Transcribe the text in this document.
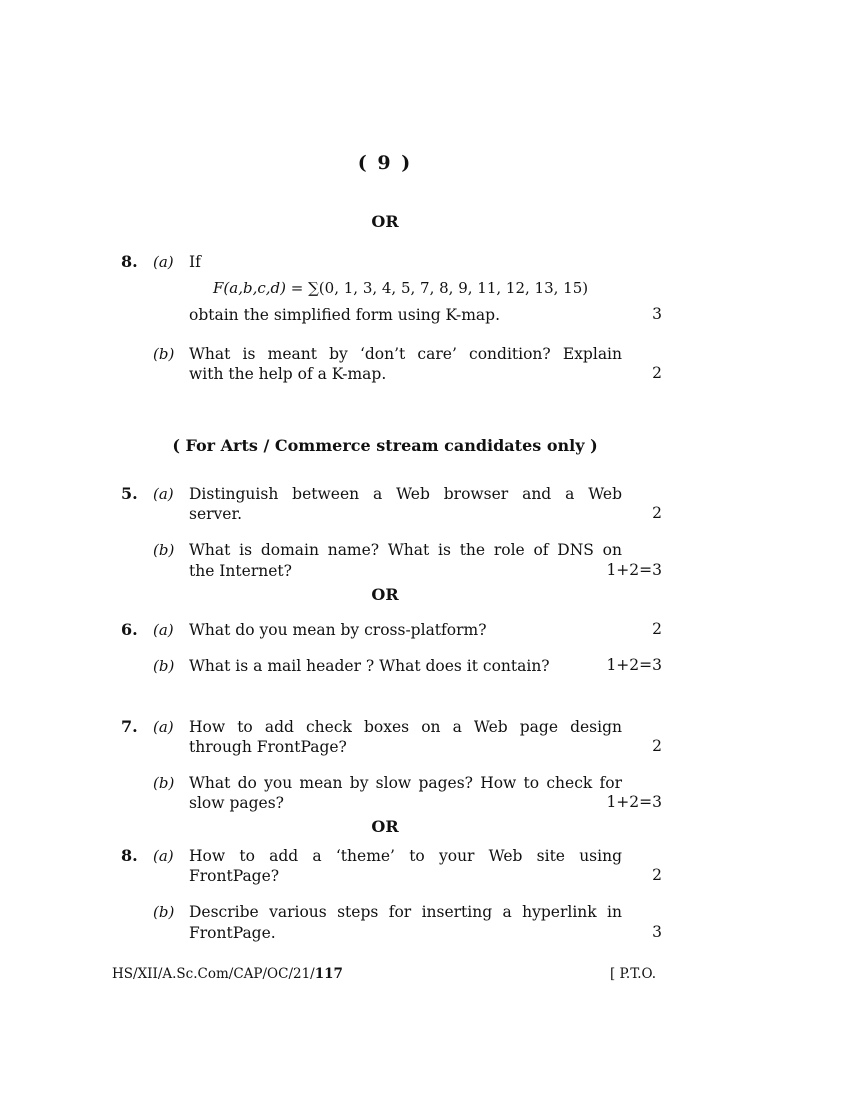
( 9 )
OR
8. (a) If
F(a,b,c,d) = ∑(0, 1, 3, 4, 5, 7, 8, 9, 11, 12, 13, 15)
obtain the simplified form using K-map.	3
(b) What is meant by ‘don’t care’ condition? Explain
with the help of a K-map.	2
( For Arts / Commerce stream candidates only )
5. (a) Distinguish between a Web browser and a Web
server.	2
(b) What is domain name? What is the role of DNS on
the Internet?	1+2=3
OR
6. (a) What do you mean by cross-platform?	2
(b) What is a mail header ? What does it contain?	1+2=3
7. (a) How to add check boxes on a Web page design
through FrontPage?	2
(b) What do you mean by slow pages? How to check for
slow pages?	1+2=3
OR
8. (a) How to add a ‘theme’ to your Web site using
FrontPage?	2
(b) Describe various steps for inserting a hyperlink in
FrontPage.	3
HS/XII/A.Sc.Com/CAP/OC/21/117	[ P.T.O.
